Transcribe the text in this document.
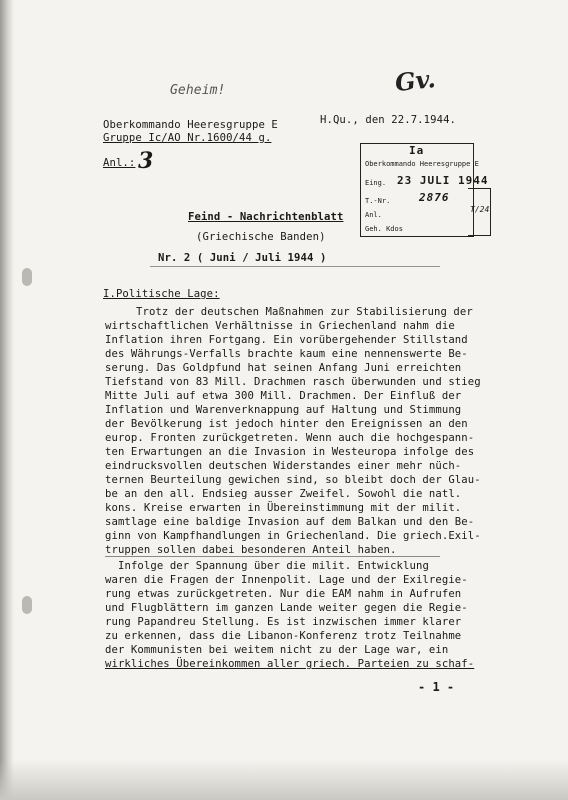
Geheim!	Gv.
Oberkommando Heeresgruppe E
Gruppe Ic/AO Nr.1600/44 g.
H.Qu., den 22.7.1944.
Anl.: 3	Ia
Oberkommando Heeresgruppe E
Eing. 23 JULI 1944
T.-Nr.	2876
Anl.
Geh. Kdos
T/24
Feind - Nachrichtenblatt
(Griechische Banden)
Nr. 2 ( Juni / Juli 1944 )
I.Politische Lage:
Trotz der deutschen Maßnahmen zur Stabilisierung der
wirtschaftlichen Verhältnisse in Griechenland nahm die
Inflation ihren Fortgang. Ein vorübergehender Stillstand
des Währungs-Verfalls brachte kaum eine nennenswerte Be-
serung. Das Goldpfund hat seinen Anfang Juni erreichten
Tiefstand von 83 Mill. Drachmen rasch überwunden und stieg
Mitte Juli auf etwa 300 Mill. Drachmen. Der Einfluß der
Inflation und Warenverknappung auf Haltung und Stimmung
der Bevölkerung ist jedoch hinter den Ereignissen an den
europ. Fronten zurückgetreten. Wenn auch die hochgespann-
ten Erwartungen an die Invasion in Westeuropa infolge des
eindrucksvollen deutschen Widerstandes einer mehr nüch-
ternen Beurteilung gewichen sind, so bleibt doch der Glau-
be an den all. Endsieg ausser Zweifel. Sowohl die natl.
kons. Kreise erwarten in Übereinstimmung mit der milit.
samtlage eine baldige Invasion auf dem Balkan und den Be-
ginn von Kampfhandlungen in Griechenland. Die griech.Exil-
truppen sollen dabei besonderen Anteil haben.
Infolge der Spannung über die milit. Entwicklung
waren die Fragen der Innenpolit. Lage und der Exilregie-
rung etwas zurückgetreten. Nur die EAM nahm in Aufrufen
und Flugblättern im ganzen Lande weiter gegen die Regie-
rung Papandreu Stellung. Es ist inzwischen immer klarer
zu erkennen, dass die Libanon-Konferenz trotz Teilnahme
der Kommunisten bei weitem nicht zu der Lage war, ein
wirkliches Übereinkommen aller griech. Parteien zu schaf-
- 1 -
